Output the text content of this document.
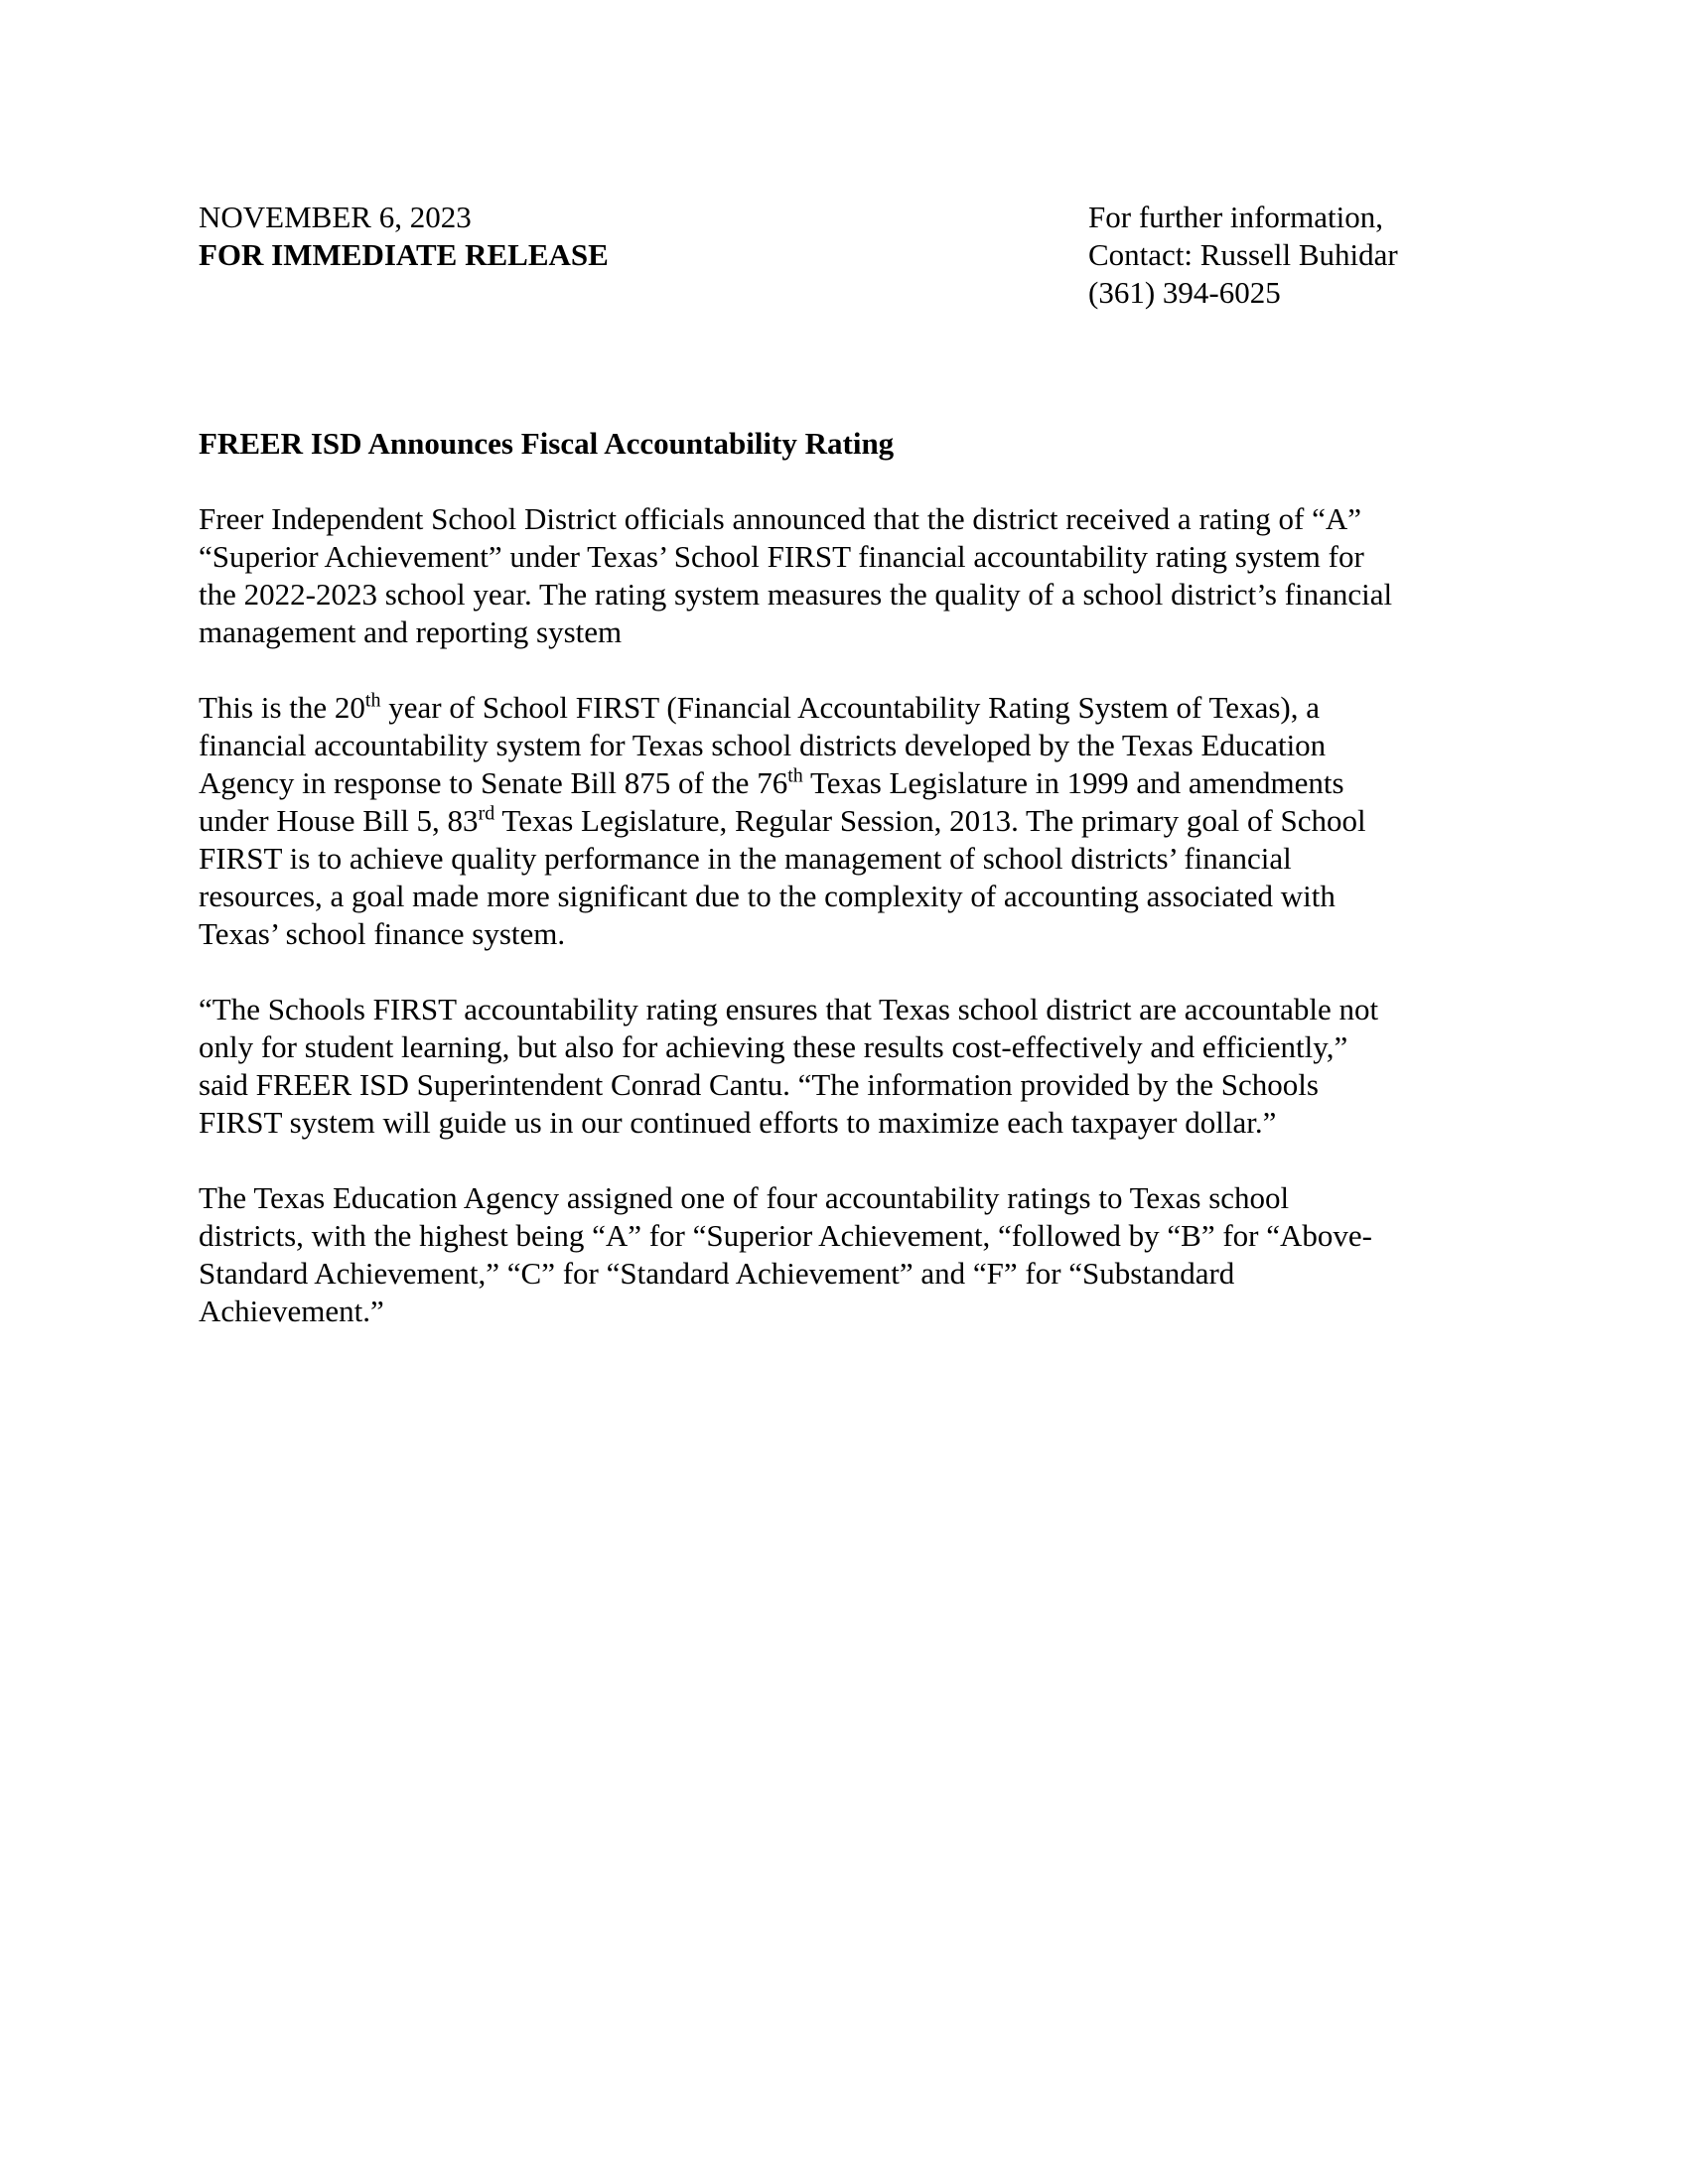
NOVEMBER 6, 2023
FOR IMMEDIATE RELEASE
For further information,
Contact: Russell Buhidar
(361) 394-6025
FREER ISD Announces Fiscal Accountability Rating
Freer Independent School District officials announced that the district received a rating of “A”
“Superior Achievement” under Texas’ School FIRST financial accountability rating system for
the 2022-2023 school year. The rating system measures the quality of a school district’s financial
management and reporting system
This is the 20th year of School FIRST (Financial Accountability Rating System of Texas), a
financial accountability system for Texas school districts developed by the Texas Education
Agency in response to Senate Bill 875 of the 76th Texas Legislature in 1999 and amendments
under House Bill 5, 83rd Texas Legislature, Regular Session, 2013. The primary goal of School
FIRST is to achieve quality performance in the management of school districts’ financial
resources, a goal made more significant due to the complexity of accounting associated with
Texas’ school finance system.
“The Schools FIRST accountability rating ensures that Texas school district are accountable not
only for student learning, but also for achieving these results cost-effectively and efficiently,”
said FREER ISD Superintendent Conrad Cantu. “The information provided by the Schools
FIRST system will guide us in our continued efforts to maximize each taxpayer dollar.”
The Texas Education Agency assigned one of four accountability ratings to Texas school
districts, with the highest being “A” for “Superior Achievement, “followed by “B” for “Above-
Standard Achievement,” “C” for “Standard Achievement” and “F” for “Substandard
Achievement.”
